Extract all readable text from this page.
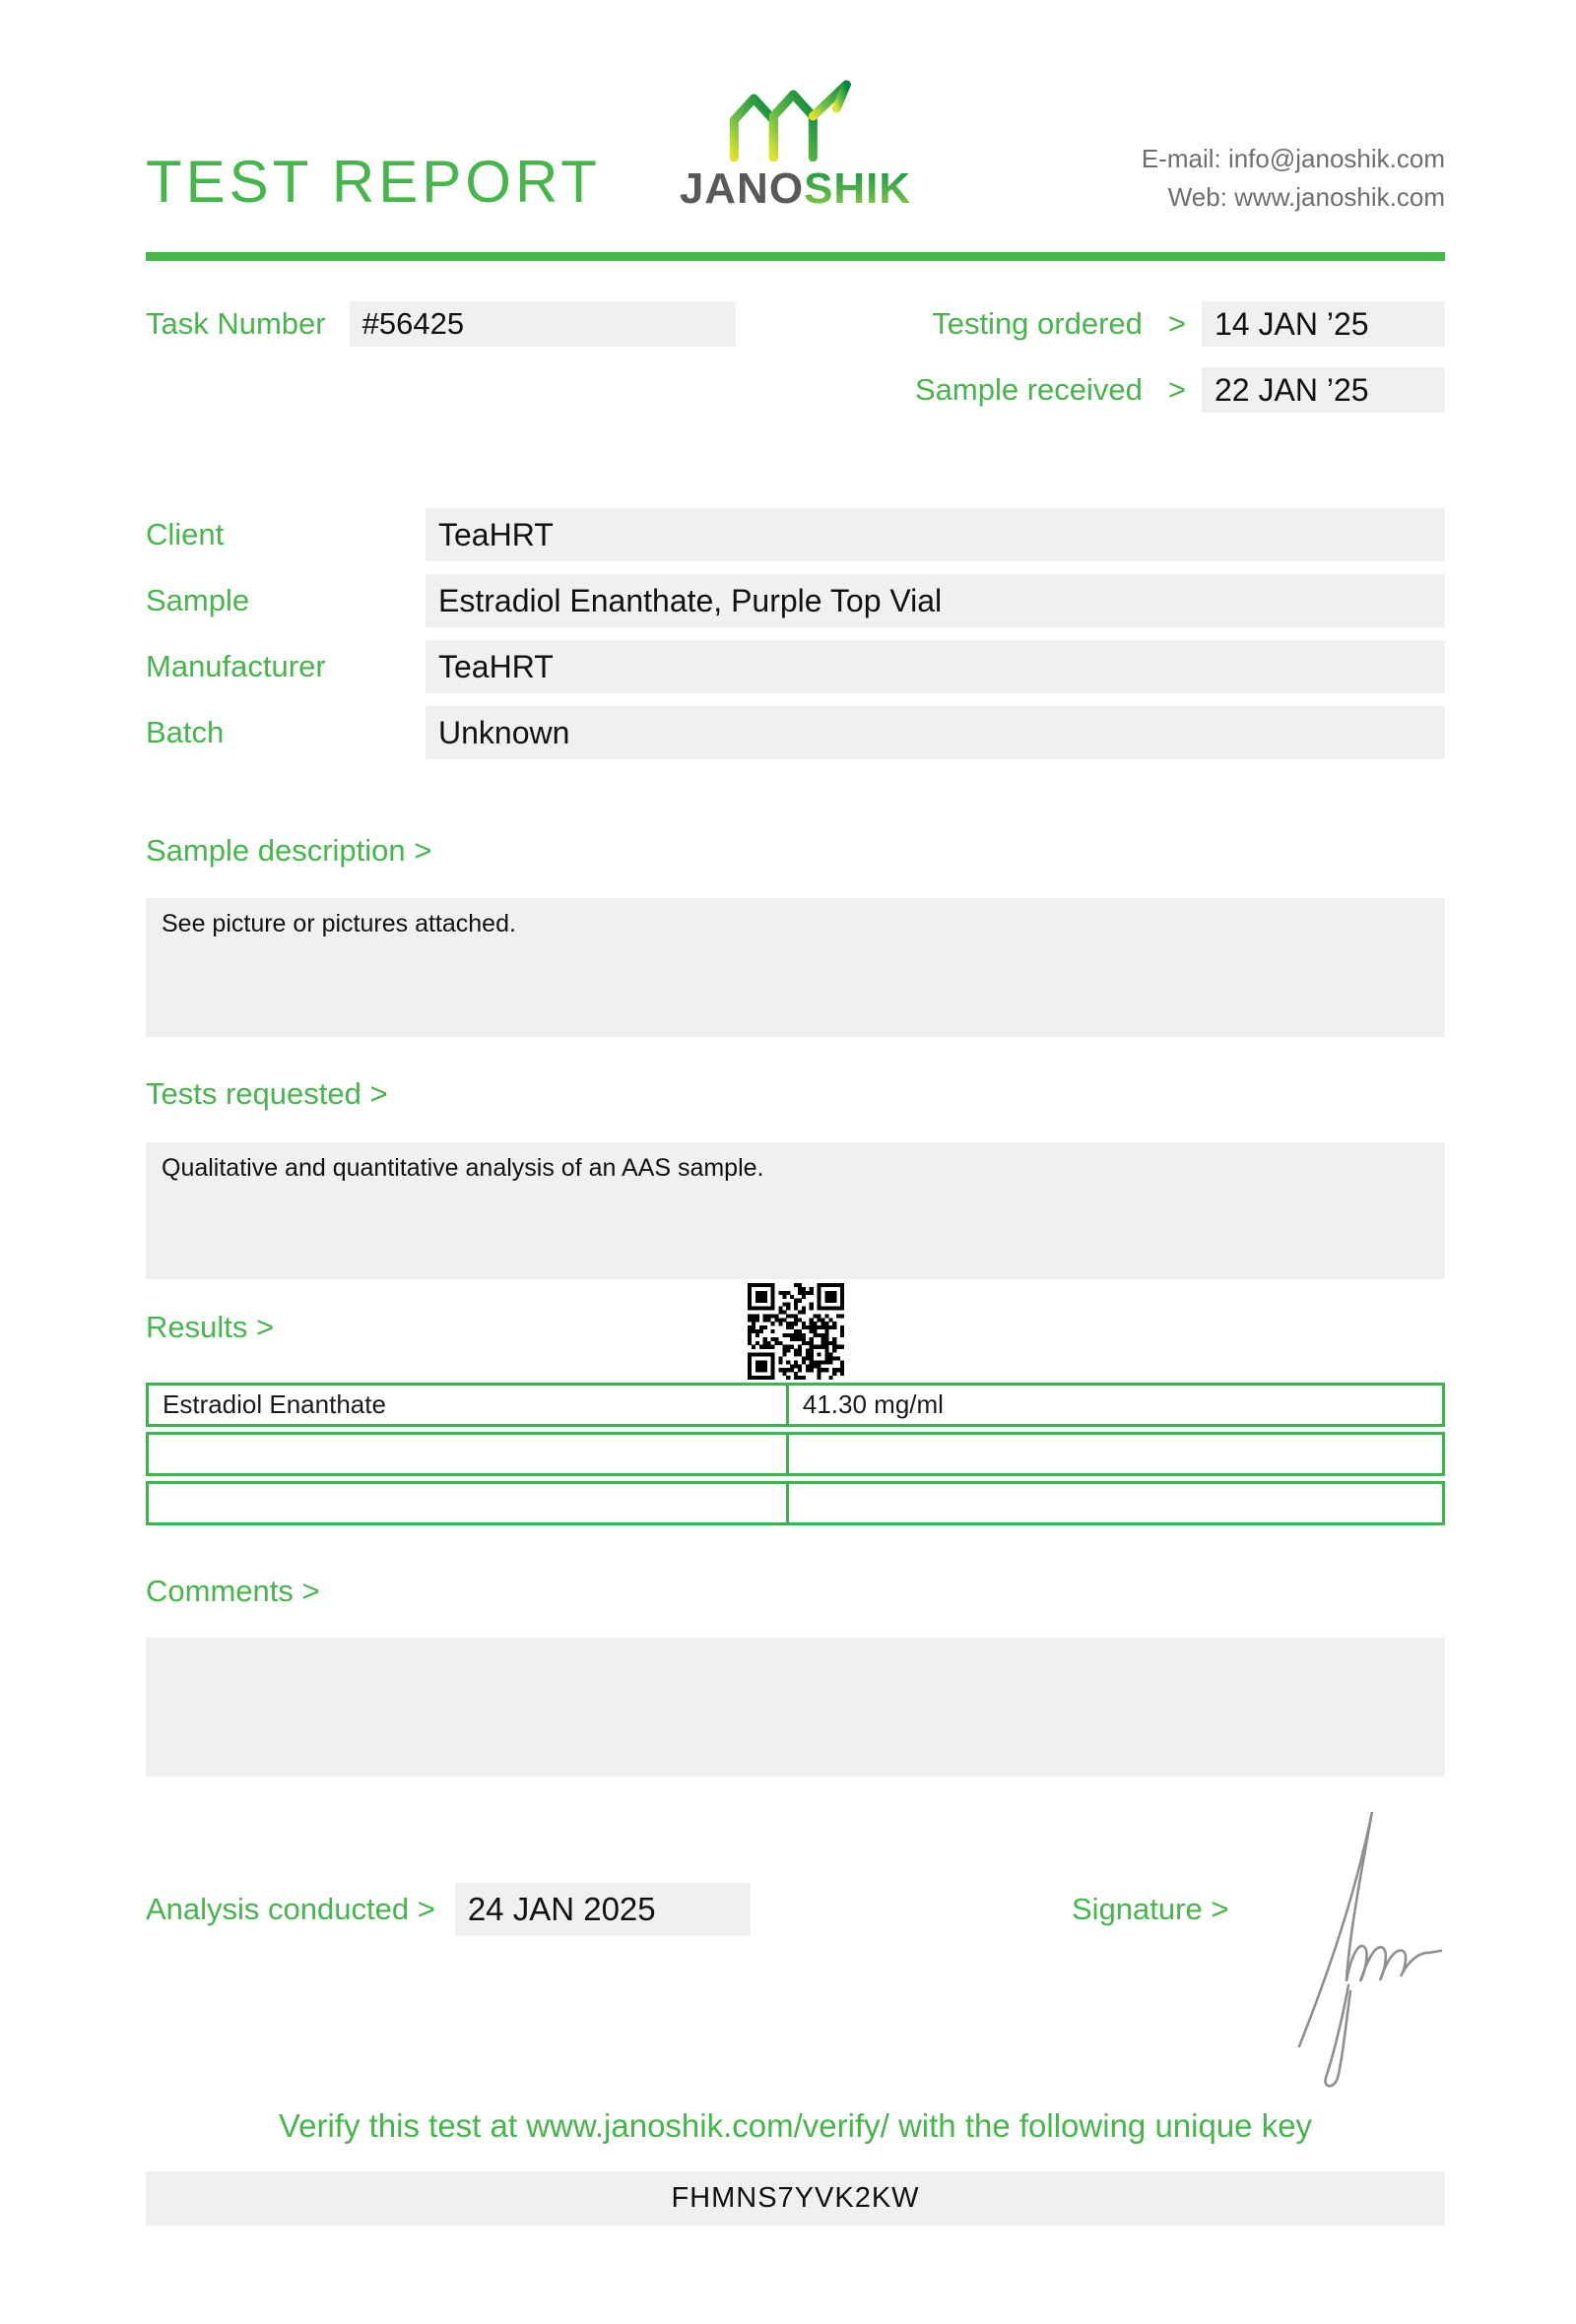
TEST REPORT JANOSHIK
E-mail: info@janoshik.com
Web: www.janoshik.com
Task Number	#56425	Testing ordered > 14 JAN ’25
Sample received > 22 JAN ’25
Client	TeaHRT
Sample	Estradiol Enanthate, Purple Top Vial
Manufacturer	TeaHRT
Batch	Unknown
Sample description >
See picture or pictures attached.
Tests requested >
Qualitative and quantitative analysis of an AAS sample.
Results >
Estradiol Enanthate	41.30 mg/ml

Comments >
Analysis conducted >	24 JAN 2025	Signature >
Verify this test at www.janoshik.com/verify/ with the following unique key
FHMNS7YVK2KW
